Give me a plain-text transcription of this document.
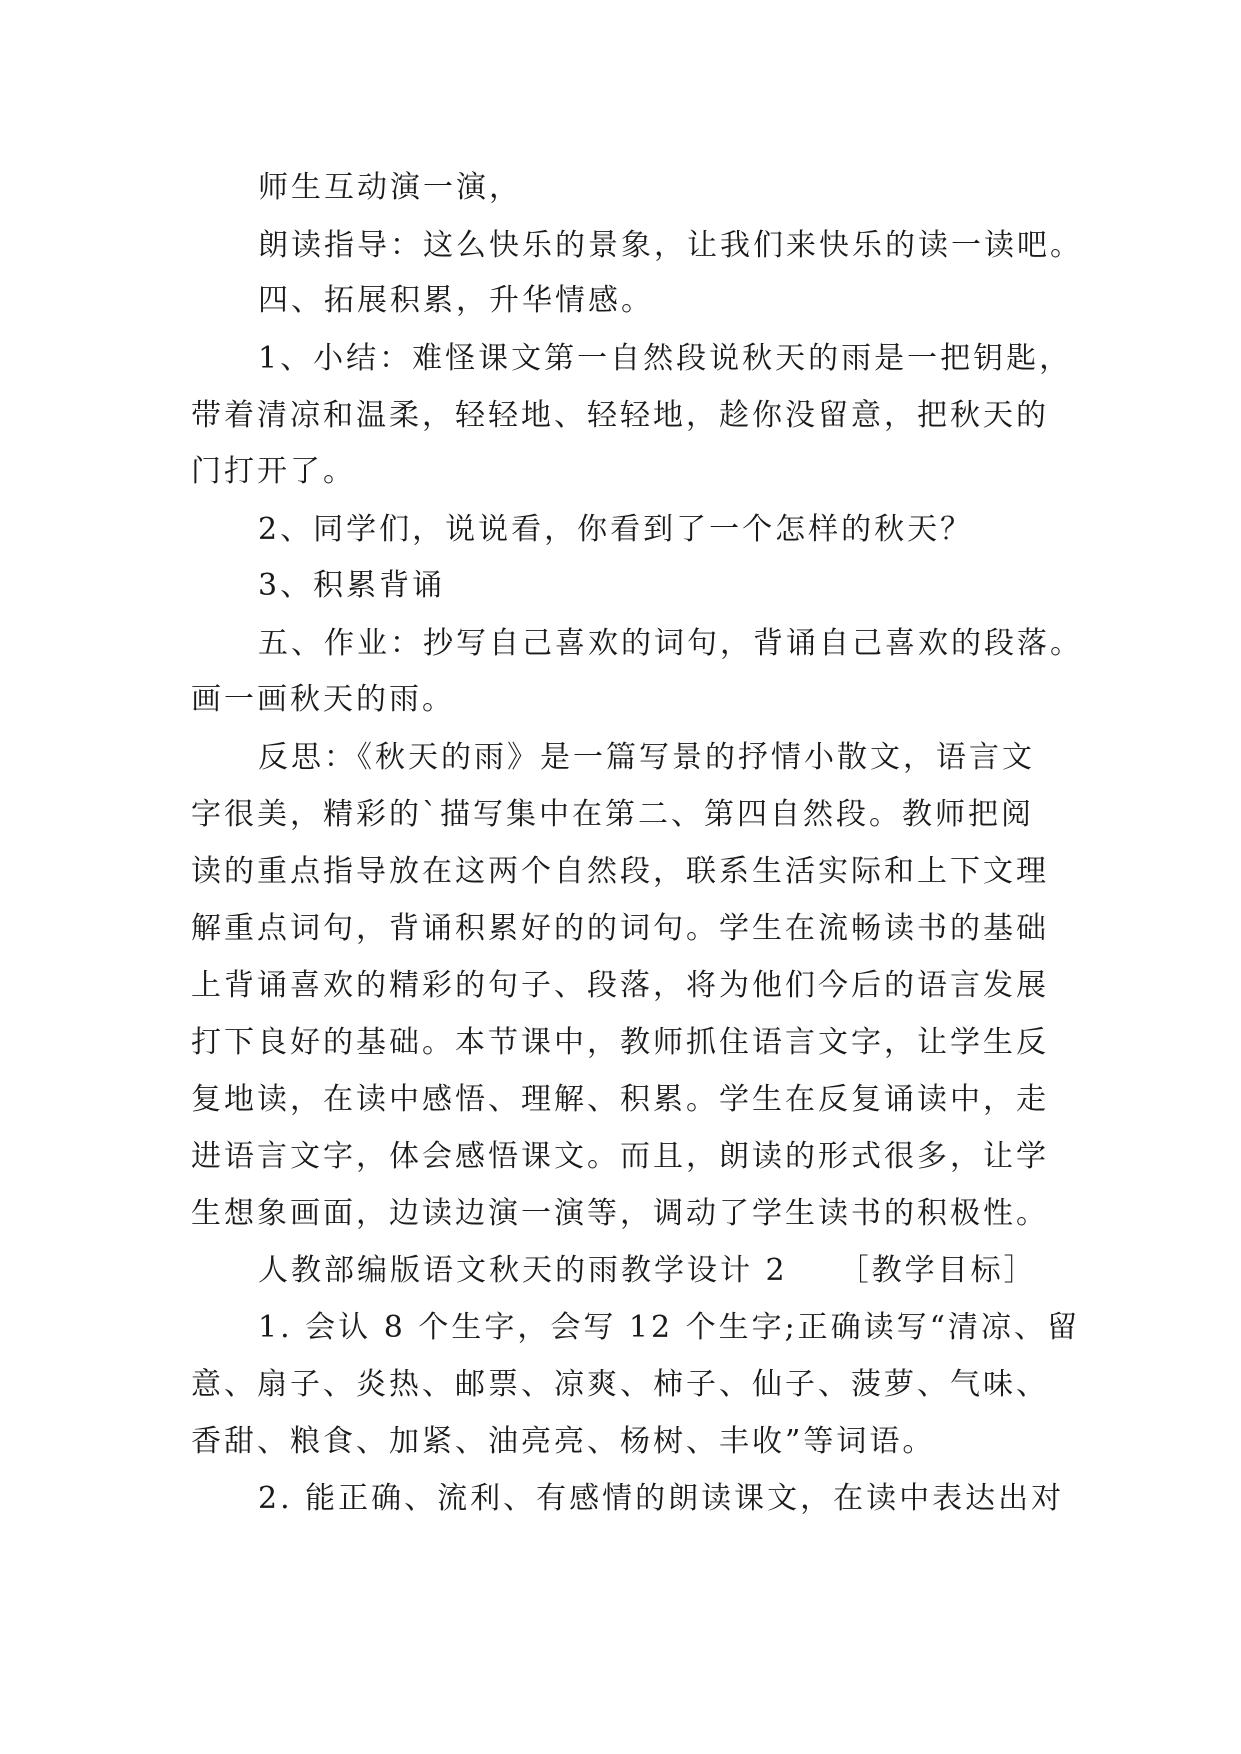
师生互动演一演，
朗读指导：这么快乐的景象，让我们来快乐的读一读吧。
四、拓展积累，升华情感。
1、小结：难怪课文第一自然段说秋天的雨是一把钥匙，
带着清凉和温柔，轻轻地、轻轻地，趁你没留意，把秋天的
门打开了。
2、同学们，说说看，你看到了一个怎样的秋天？
3、积累背诵
五、作业：抄写自己喜欢的词句，背诵自己喜欢的段落。
画一画秋天的雨。
反思：《秋天的雨》是一篇写景的抒情小散文，语言文
字很美，精彩的`描写集中在第二、第四自然段。教师把阅
读的重点指导放在这两个自然段，联系生活实际和上下文理
解重点词句，背诵积累好的的词句。学生在流畅读书的基础
上背诵喜欢的精彩的句子、段落，将为他们今后的语言发展
打下良好的基础。本节课中，教师抓住语言文字，让学生反
复地读，在读中感悟、理解、积累。学生在反复诵读中，走
进语言文字，体会感悟课文。而且，朗读的形式很多，让学
生想象画面，边读边演一演等，调动了学生读书的积极性。
人教部编版语文秋天的雨教学设计 2　　［教学目标］
1. 会认 8 个生字，会写 12 个生字;正确读写“清凉、留
意、扇子、炎热、邮票、凉爽、柿子、仙子、菠萝、气味、
香甜、粮食、加紧、油亮亮、杨树、丰收”等词语。
2. 能正确、流利、有感情的朗读课文，在读中表达出对
